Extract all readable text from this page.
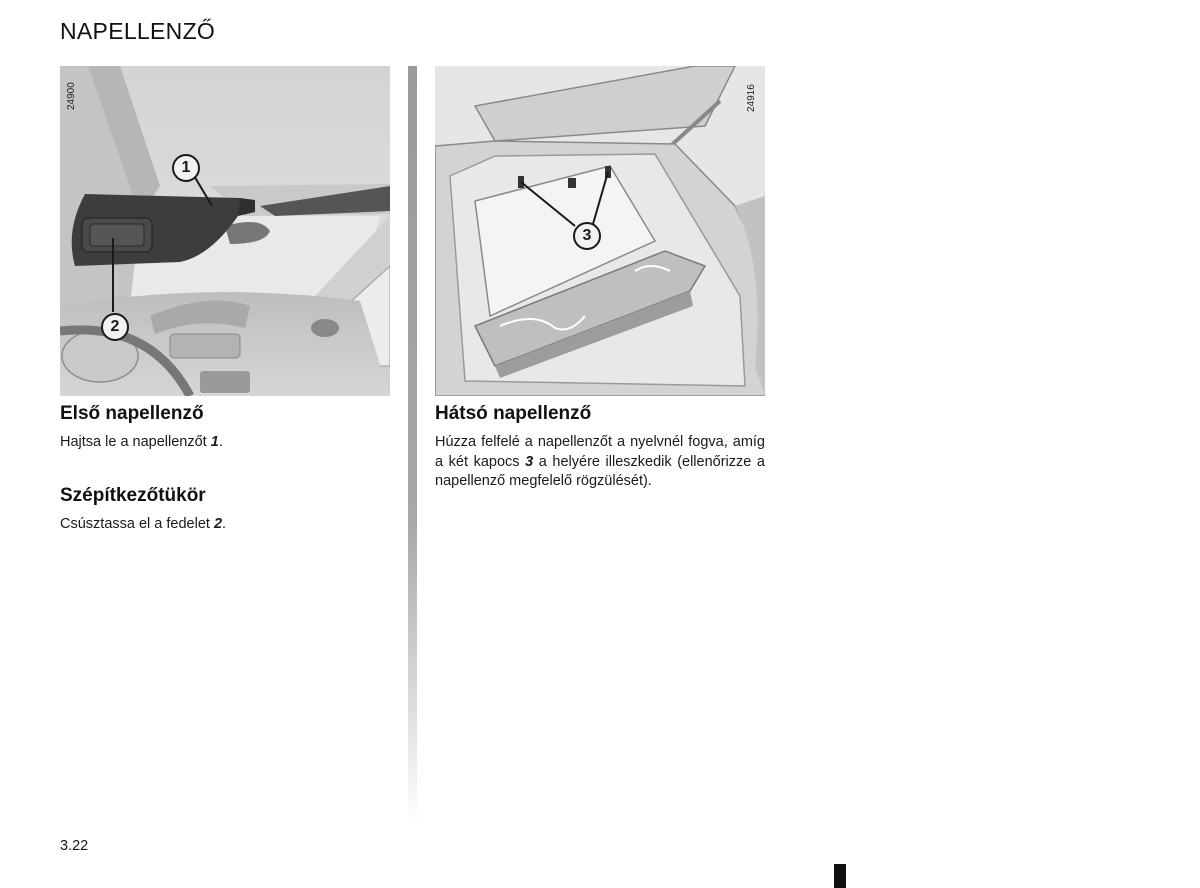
NAPELLENZŐ
1
2
24900
3
24916
Első napellenző
Hajtsa le a napellenzőt 1.
Szépítkezőtükör
Csúsztassa el a fedelet 2.
Hátsó napellenző
Húzza felfelé a napellenzőt a nyelvnél fogva, amíg a két kapocs 3 a helyére illeszkedik (ellenőrizze a napellenző megfelelő rögzülését).
3.22
